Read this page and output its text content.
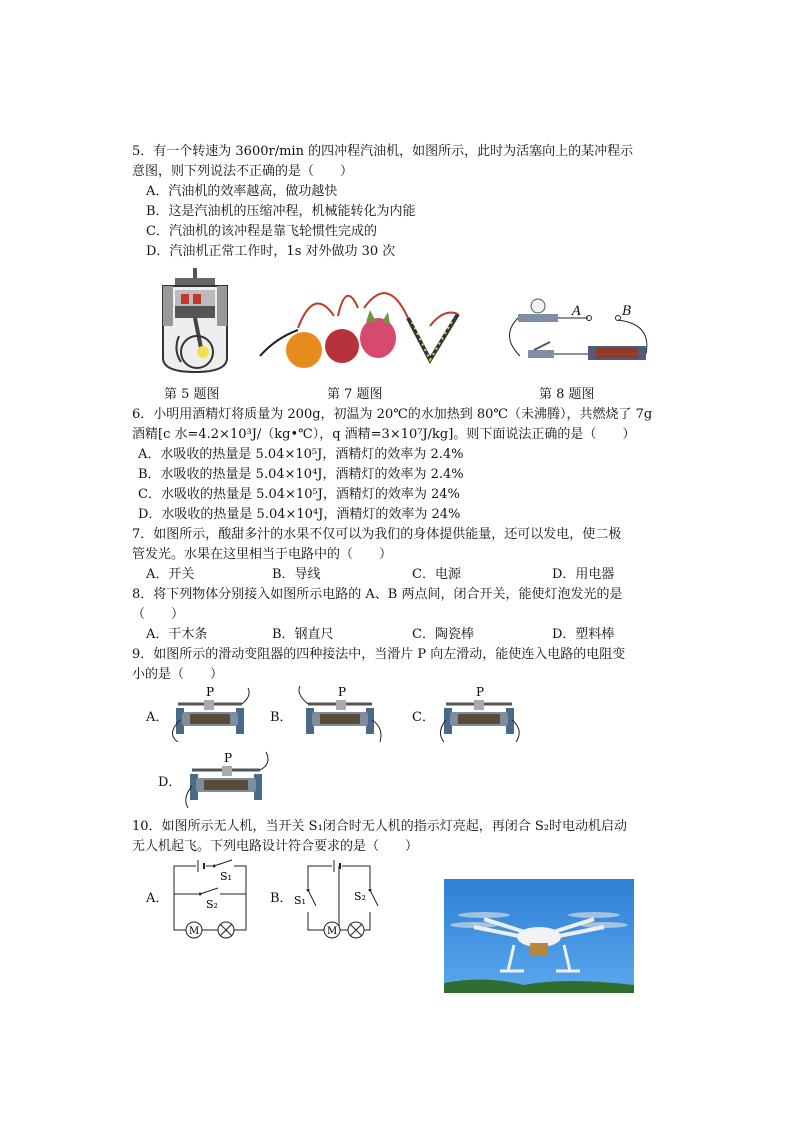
5．有一个转速为 3600r/min 的四冲程汽油机，如图所示，此时为活塞向上的某冲程示
意图，则下列说法不正确的是（　　）
A．汽油机的效率越高，做功越快
B．这是汽油机的压缩冲程，机械能转化为内能
C．汽油机的该冲程是靠飞轮惯性完成的
D．汽油机正常工作时，1s 对外做功 30 次
A	B
第 5 题图	第 7 题图	第 8 题图
6．小明用酒精灯将质量为 200g，初温为 20℃的水加热到 80℃（未沸腾），共燃烧了 7g
酒精[c 水=4.2×10³J/（kg•℃），q 酒精=3×10⁷J/kg]。则下面说法正确的是（　　）
A．水吸收的热量是 5.04×10⁵J，酒精灯的效率为 2.4%
B．水吸收的热量是 5.04×10⁴J，酒精灯的效率为 2.4%
C．水吸收的热量是 5.04×10⁵J，酒精灯的效率为 24%
D．水吸收的热量是 5.04×10⁴J，酒精灯的效率为 24%
7．如图所示，酸甜多汁的水果不仅可以为我们的身体提供能量，还可以发电，使二极
管发光。水果在这里相当于电路中的（　　）
A．开关	B．导线	C．电源	D．用电器
8．将下列物体分别接入如图所示电路的 A、B 两点间，闭合开关，能使灯泡发光的是
（　　）
A．干木条	B．钢直尺	C．陶瓷棒	D．塑料棒
9．如图所示的滑动变阻器的四种接法中，当滑片 P 向左滑动，能使连入电路的电阻变
小的是（　　）
A．
P
B．
P
C．
P
D．
P
10．如图所示无人机，当开关 S₁闭合时无人机的指示灯亮起，再闭合 S₂时电动机启动
无人机起飞。下列电路设计符合要求的是（　　）
A．
S₁
S₂
M
B． S₁	S₂
M
